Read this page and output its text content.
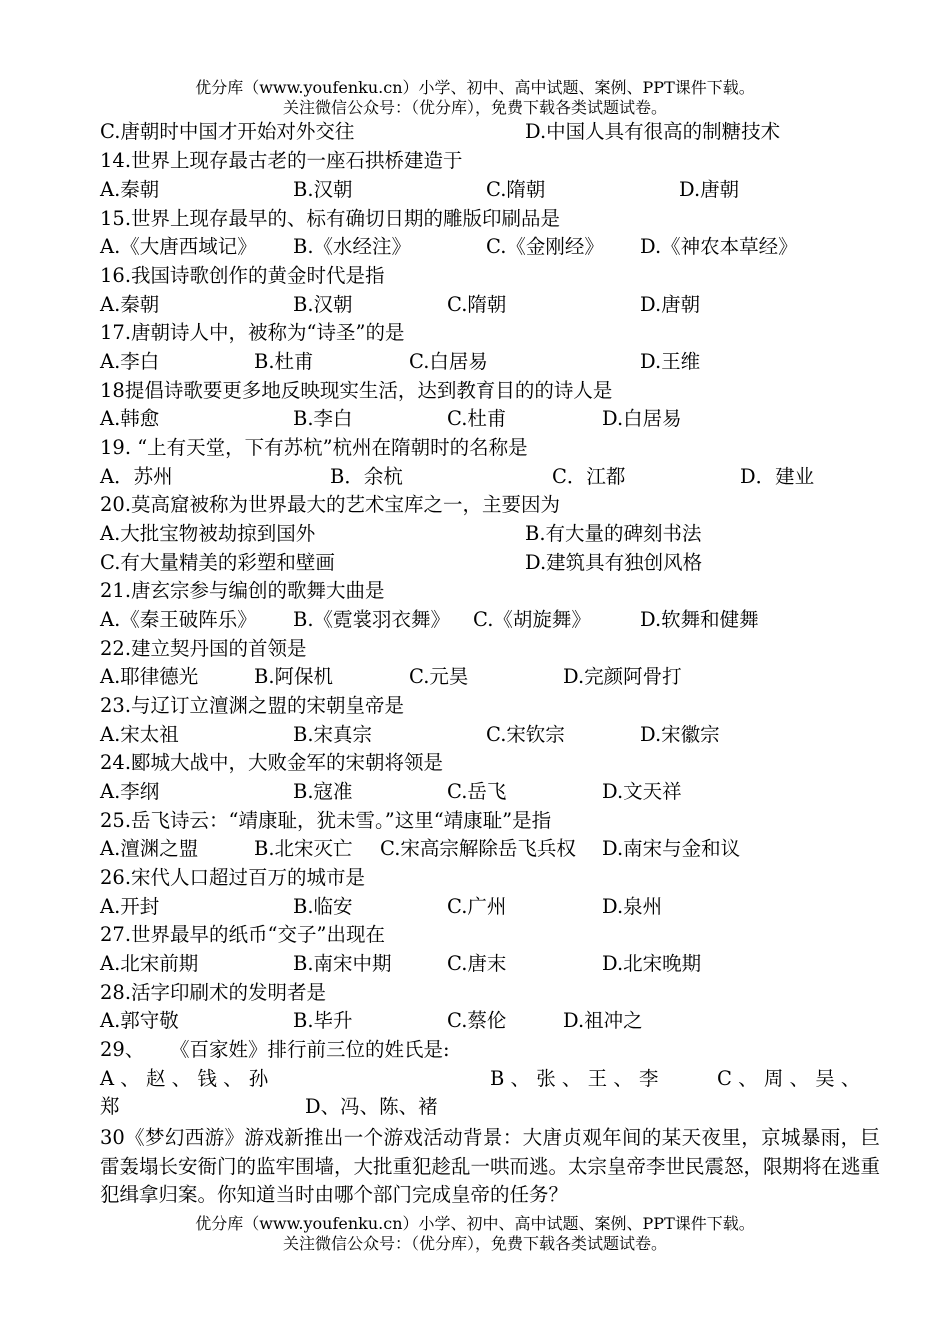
优分库（www.youfenku.cn）小学、初中、高中试题、案例、PPT课件下载。
关注微信公众号：（优分库），免费下载各类试题试卷。
C.唐朝时中国才开始对外交往	D.中国人具有很高的制糖技术
14.世界上现存最古老的一座石拱桥建造于
A.秦朝	B.汉朝	C.隋朝	D.唐朝
15.世界上现存最早的、标有确切日期的雕版印刷品是
A.《大唐西域记》 B.《水经注》	C.《金刚经》 D.《神农本草经》
16.我国诗歌创作的黄金时代是指
A.秦朝	B.汉朝	C.隋朝	D.唐朝
17.唐朝诗人中，被称为“诗圣”的是
A.李白	B.杜甫	C.白居易	D.王维
18提倡诗歌要更多地反映现实生活，达到教育目的的诗人是
A.韩愈	B.李白	C.杜甫	D.白居易
19. “上有天堂，下有苏杭”杭州在隋朝时的名称是
A．苏州	B．余杭	C．江都	D．建业
20.莫高窟被称为世界最大的艺术宝库之一，主要因为
A.大批宝物被劫掠到国外	B.有大量的碑刻书法
C.有大量精美的彩塑和壁画	D.建筑具有独创风格
21.唐玄宗参与编创的歌舞大曲是
A.《秦王破阵乐》 B.《霓裳羽衣舞》 C.《胡旋舞》	D.软舞和健舞
22.建立契丹国的首领是
A.耶律德光	B.阿保机	C.元昊	D.完颜阿骨打
23.与辽订立澶渊之盟的宋朝皇帝是
A.宋太祖	B.宋真宗	C.宋钦宗	D.宋徽宗
24.郾城大战中，大败金军的宋朝将领是
A.李纲	B.寇准	C.岳飞	D.文天祥
25.岳飞诗云：“靖康耻，犹未雪。”这里“靖康耻”是指
A.澶渊之盟	B.北宋灭亡 C.宋高宗解除岳飞兵权 D.南宋与金和议
26.宋代人口超过百万的城市是
A.开封	B.临安	C.广州	D.泉州
27.世界最早的纸币“交子”出现在
A.北宋前期	B.南宋中期	C.唐末	D.北宋晚期
28.活字印刷术的发明者是
A.郭守敬	B.毕升	C.蔡伦	D.祖冲之
29、 《百家姓》排行前三位的姓氏是:
A 、 赵 、 钱 、 孙	B 、 张 、 王 、 李	C 、 周 、 吴 、
郑	D、冯、陈、褚
30《梦幻西游》游戏新推出一个游戏活动背景：大唐贞观年间的某天夜里，京城暴雨，巨雷轰塌长安衙门的监牢围墙，大批重犯趁乱一哄而逃。太宗皇帝李世民震怒，限期将在逃重犯缉拿归案。你知道当时由哪个部门完成皇帝的任务？
优分库（www.youfenku.cn）小学、初中、高中试题、案例、PPT课件下载。
关注微信公众号：（优分库），免费下载各类试题试卷。
